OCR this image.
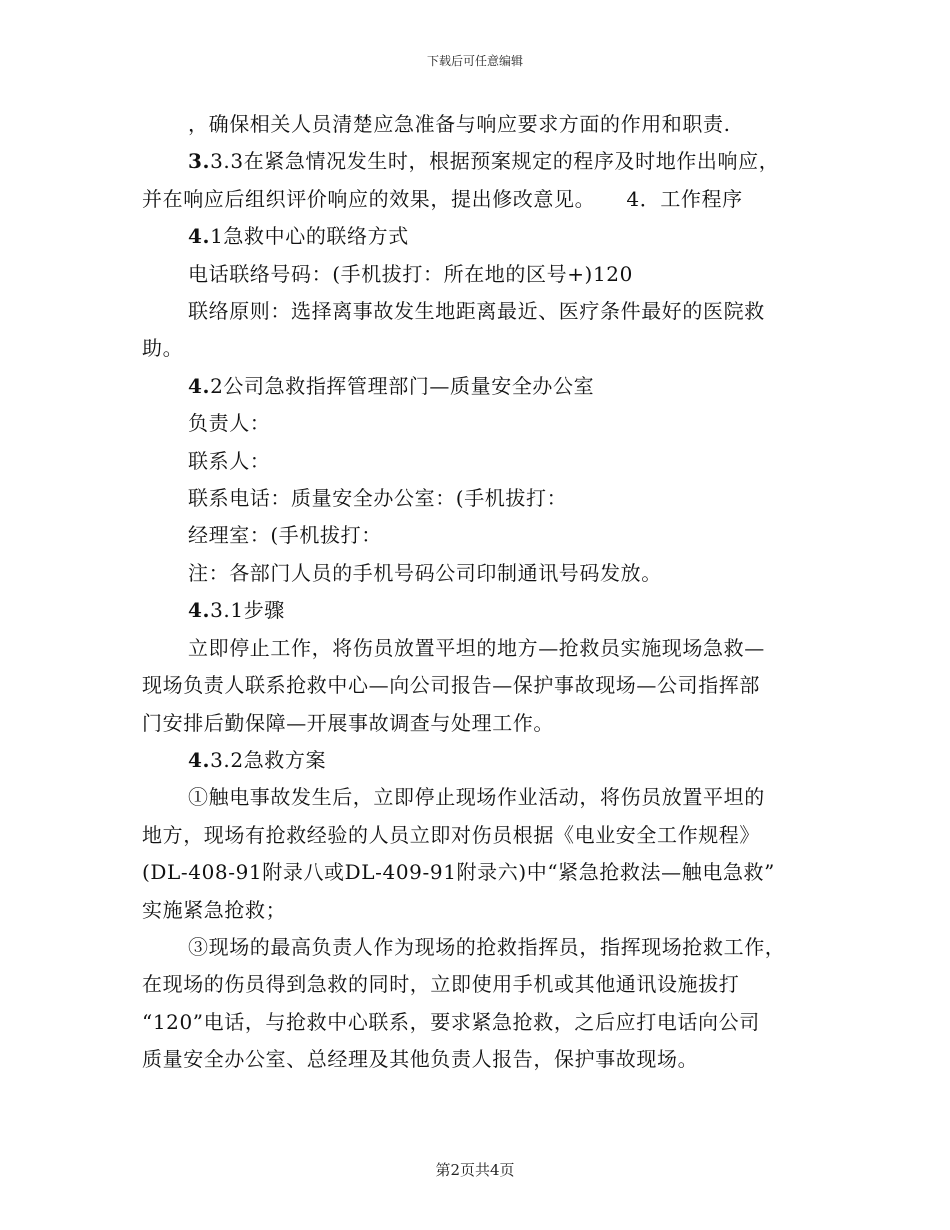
下载后可任意编辑
，确保相关人员清楚应急准备与响应要求方面的作用和职责.
3.3.3在紧急情况发生时，根据预案规定的程序及时地作出响应，
并在响应后组织评价响应的效果，提出修改意见。　　4．工作程序
4.1急救中心的联络方式
电话联络号码：(手机拔打：所在地的区号+)120
联络原则：选择离事故发生地距离最近、医疗条件最好的医院救
助。
4.2公司急救指挥管理部门—质量安全办公室
负责人：
联系人：
联系电话：质量安全办公室：(手机拔打：
经理室：(手机拔打：
注：各部门人员的手机号码公司印制通讯号码发放。
4.3.1步骤
立即停止工作，将伤员放置平坦的地方—抢救员实施现场急救—
现场负责人联系抢救中心—向公司报告—保护事故现场—公司指挥部
门安排后勤保障—开展事故调查与处理工作。
4.3.2急救方案
①触电事故发生后，立即停止现场作业活动，将伤员放置平坦的
地方，现场有抢救经验的人员立即对伤员根据《电业安全工作规程》
(DL-408-91附录八或DL-409-91附录六)中“紧急抢救法—触电急救”
实施紧急抢救；
③现场的最高负责人作为现场的抢救指挥员，指挥现场抢救工作，
在现场的伤员得到急救的同时，立即使用手机或其他通讯设施拔打
“120”电话，与抢救中心联系，要求紧急抢救，之后应打电话向公司
质量安全办公室、总经理及其他负责人报告，保护事故现场。
第2页共4页
